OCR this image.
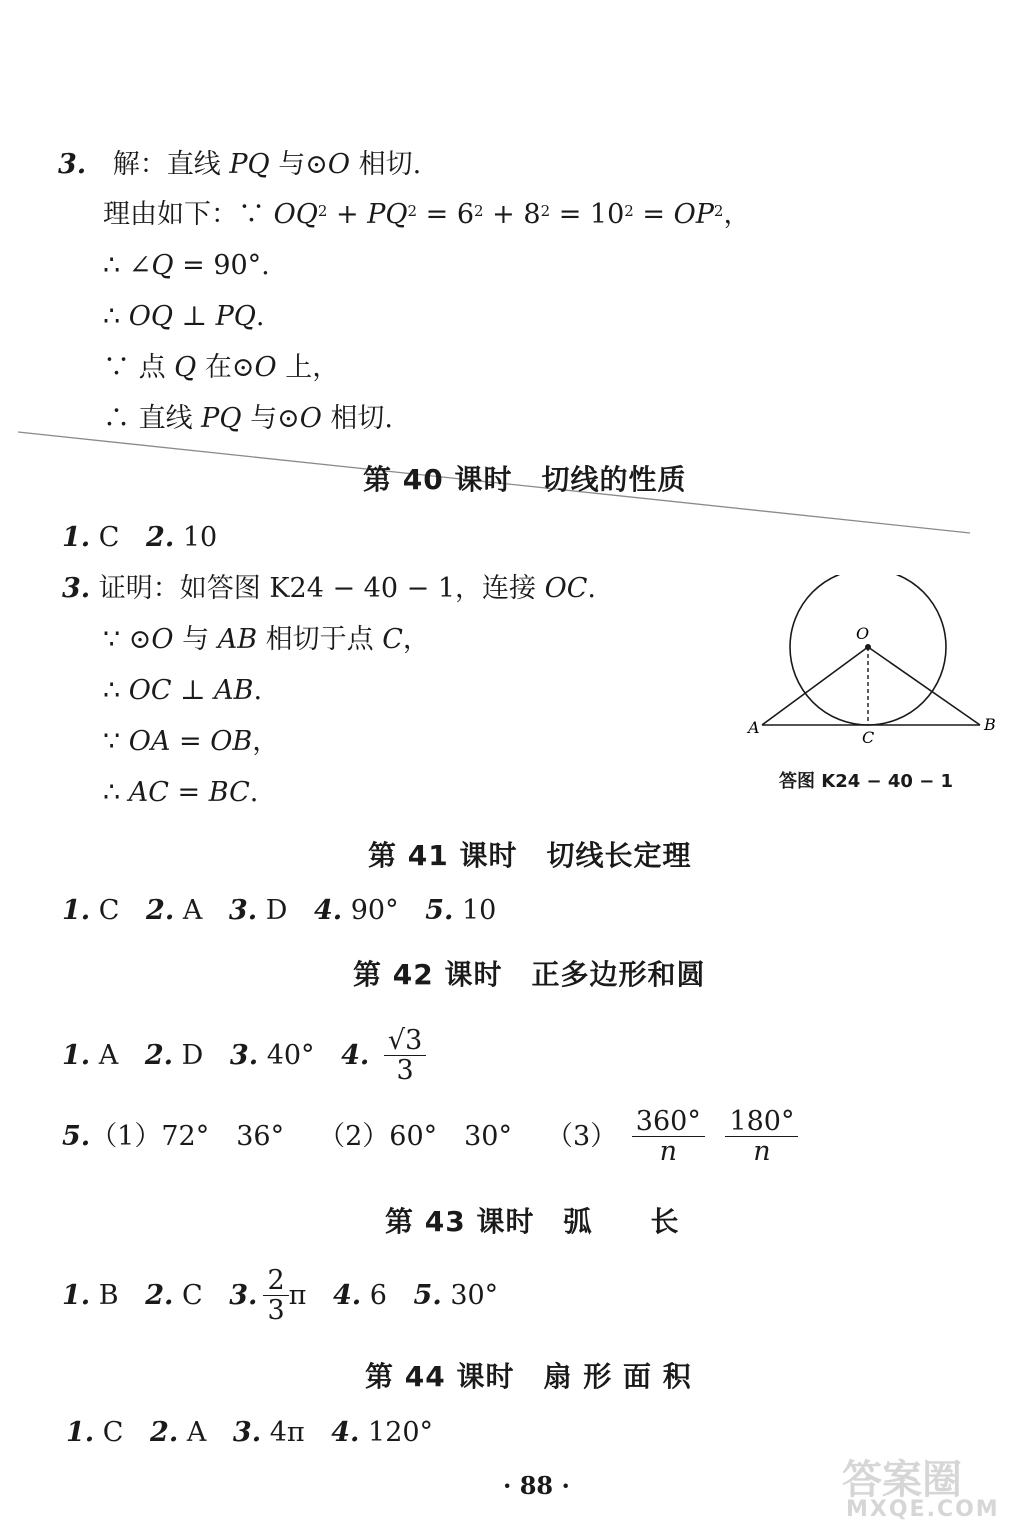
3. 解：直线 PQ 与⊙O 相切.
理由如下：∵ $OQ^2 + PQ^2 = 6^2 + 8^2 = 10^2 = OP^2$，
∴ ∠Q = 90°.
∴ OQ ⊥ PQ.
∵ 点 Q 在⊙O 上，
∴ 直线 PQ 与⊙O 相切.
第 40 课时　切线的性质
1. C 2. 10
3. 证明：如答图 K24 − 40 − 1，连接 OC.
∵ ⊙O 与 AB 相切于点 C，
∴ OC ⊥ AB.
∵ OA = OB，
∴ AC = BC.
O
A	B
C
答图 K24 − 40 − 1
第 41 课时　切线长定理
1. C 2. A 3. D 4. 90° 5. 10
第 42 课时　正多边形和圆
1. A 2. D 3. 40° 4. $\frac{√3}{3}$
5.（1）72°　36° （2）60°　30° $(3) \frac{360^\circ}{n}$
$\frac{180^\circ}{n}$
第 43 课时　弧　　长
1. B 2. C 3. $\frac{2}{3}$ π 4. 6 5. 30°
第 44 课时　扇 形 面 积
1. C 2. A 3. 4π 4. 120°
· 88 ·	答案圈
MXQE.COM
